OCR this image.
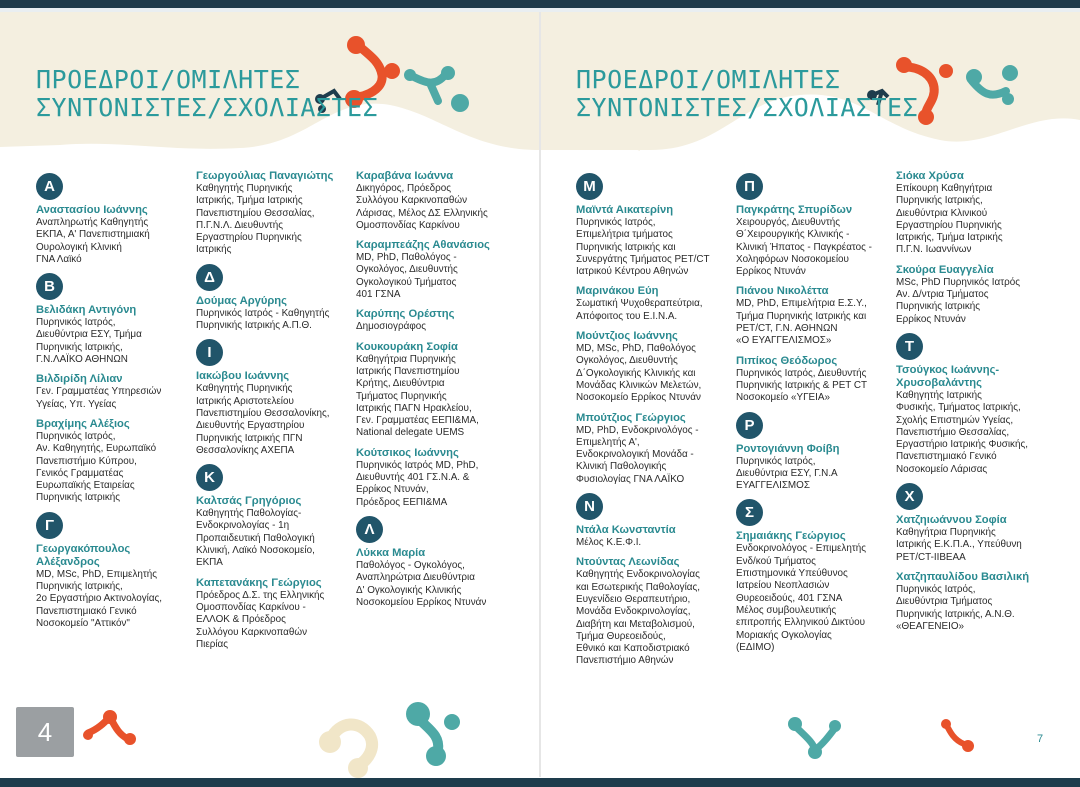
ΠΡΟΕΔΡΟΙ/ΟΜΙΛΗΤΕΣ
ΣΥΝΤΟΝΙΣΤΕΣ/ΣΧΟΛΙΑΣΤΕΣ
Α
Αναστασίου Ιωάννης
Αναπληρωτής Καθηγητής
ΕΚΠΑ, Α' Πανεπιστημιακή
Ουρολογική Κλινική
ΓΝΑ Λαϊκό
Β
Βελιδάκη Αντιγόνη
Πυρηνικός Ιατρός,
Διευθύντρια ΕΣΥ, Τμήμα
Πυρηνικής Ιατρικής,
Γ.Ν.ΛΑΪΚΟ ΑΘΗΝΩΝ
Βιλδιρίδη Λίλιαν
Γεν. Γραμματέας Υπηρεσιών
Υγείας, Υπ. Υγείας
Βραχίμης Αλέξιος
Πυρηνικός Ιατρός,
Αν. Καθηγητής, Ευρωπαϊκό
Πανεπιστήμιο Κύπρου,
Γενικός Γραμματέας
Ευρωπαϊκής Εταιρείας
Πυρηνικής Ιατρικής
Γ
Γεωργακόπουλος Αλέξανδρος
MD, MSc, PhD, Επιμελητής
Πυρηνικής Ιατρικής,
2ο Εργαστήριο Ακτινολογίας,
Πανεπιστημιακό Γενικό
Νοσοκομείο "Αττικόν"
Γεωργούλιας Παναγιώτης
Καθηγητής Πυρηνικής
Ιατρικής, Τμήμα Ιατρικής
Πανεπιστημίου Θεσσαλίας,
Π.Γ.Ν.Λ. Διευθυντής
Εργαστηρίου Πυρηνικής
Ιατρικής
Δ
Δούμας Αργύρης
Πυρηνικός Ιατρός - Καθηγητής
Πυρηνικής Ιατρικής Α.Π.Θ.
Ι
Ιακώβου Ιωάννης
Καθηγητής Πυρηνικής
Ιατρικής Αριστοτελείου
Πανεπιστημίου Θεσσαλονίκης,
Διευθυντής Εργαστηρίου
Πυρηνικής Ιατρικής ΠΓΝ
Θεσσαλονίκης ΑΧΕΠΑ
Κ
Καλτσάς Γρηγόριος
Καθηγητής Παθολογίας-
Ενδοκρινολογίας - 1η
Προπαιδευτική Παθολογική
Κλινική, Λαϊκό Νοσοκομείο,
ΕΚΠΑ
Καπετανάκης Γεώργιος
Πρόεδρος Δ.Σ. της Ελληνικής
Ομοσπονδίας Καρκίνου -
ΕΛΛΟΚ & Πρόεδρος
Συλλόγου Καρκινοπαθών
Πιερίας
Καραβάνα Ιωάννα
Δικηγόρος, Πρόεδρος
Συλλόγου Καρκινοπαθών
Λάρισας, Μέλος ΔΣ Ελληνικής
Ομοσπονδίας Καρκίνου
Καραμπεάζης Αθανάσιος
MD, PhD, Παθολόγος -
Ογκολόγος, Διευθυντής
Ογκολογικού Τμήματος
401 ΓΣΝΑ
Καρύπης Ορέστης
Δημοσιογράφος
Κουκουράκη Σοφία
Καθηγήτρια Πυρηνικής
Ιατρικής Πανεπιστημίου
Κρήτης, Διευθύντρια
Τμήματος Πυρηνικής
Ιατρικής ΠΑΓΝ Ηρακλείου,
Γεν. Γραμματέας ΕΕΠΙ&ΜΑ,
National delegate UEMS
Κούτσικος Ιωάννης
Πυρηνικός Ιατρός MD, PhD,
Διευθυντής 401 ΓΣ.Ν.Α. &
Ερρίκος Ντυνάν,
Πρόεδρος ΕΕΠΙ&ΜΑ
Λ
Λύκκα Μαρία
Παθολόγος - Ογκολόγος,
Αναπληρώτρια Διευθύντρια
Δ' Ογκολογικής Κλινικής
Νοσοκομείου Ερρίκος Ντυνάν
ΠΡΟΕΔΡΟΙ/ΟΜΙΛΗΤΕΣ
ΣΥΝΤΟΝΙΣΤΕΣ/ΣΧΟΛΙΑΣΤΕΣ
Μ
Μαϊντά Αικατερίνη
Πυρηνικός Ιατρός,
Επιμελήτρια τμήματος
Πυρηνικής Ιατρικής και
Συνεργάτης Τμήματος PET/CT
Ιατρικού Κέντρου Αθηνών
Μαρινάκου Εύη
Σωματική Ψυχοθεραπεύτρια,
Απόφοιτος του Ε.Ι.Ν.Α.
Μούντζιος Ιωάννης
MD, MSc, PhD, Παθολόγος
Ογκολόγος, Διευθυντής
Δ΄Ογκολογικής Κλινικής και
Μονάδας Κλινικών Μελετών,
Νοσοκομείο Ερρίκος Ντυνάν
Μπούτζιος Γεώργιος
MD, PhD, Ενδοκρινολόγος -
Επιμελητής Α',
Ενδοκρινολογική Μονάδα -
Κλινική Παθολογικής
Φυσιολογίας ΓΝΑ ΛΑΪΚΟ
Ν
Ντάλα Κωνσταντία
Μέλος Κ.Ε.Φ.Ι.
Ντούντας Λεωνίδας
Καθηγητής Ενδοκρινολογίας
και Εσωτερικής Παθολογίας,
Ευγενίδειο Θεραπευτήριο,
Μονάδα Ενδοκρινολογίας,
Διαβήτη και Μεταβολισμού,
Τμήμα Θυρεοειδούς,
Εθνικό και Καποδιστριακό
Πανεπιστήμιο Αθηνών
Π
Παγκράτης Σπυρίδων
Χειρουργός, Διευθυντής
Θ΄Χειρουργικής Κλινικής -
Κλινική Ήπατος - Παγκρέατος -
Χοληφόρων Νοσοκομείου
Ερρίκος Ντυνάν
Πιάνου Νικολέττα
MD, PhD, Επιμελήτρια Ε.Σ.Υ.,
Τμήμα Πυρηνικής Ιατρικής και
PET/CT, Γ.Ν. ΑΘΗΝΩΝ
«Ο ΕΥΑΓΓΕΛΙΣΜΟΣ»
Πιπίκος Θεόδωρος
Πυρηνικός Ιατρός, Διευθυντής
Πυρηνικής Ιατρικής & PET CT
Νοσοκομείο «ΥΓΕΙΑ»
Ρ
Ροντογιάννη Φοίβη
Πυρηνικός Ιατρός,
Διευθύντρια ΕΣΥ, Γ.Ν.Α
ΕΥΑΓΓΕΛΙΣΜΟΣ
Σ
Σημαιάκης Γεώργιος
Ενδοκρινολόγος - Επιμελητής
Ενδ/κού Τμήματος
Επιστημονικά Υπεύθυνος
Ιατρείου Νεοπλασιών
Θυρεοειδούς, 401 ΓΣΝΑ
Μέλος συμβουλευτικής
επιτροπής Ελληνικού Δικτύου
Μοριακής Ογκολογίας
(ΕΔΙΜΟ)
Σιόκα Χρύσα
Επίκουρη Καθηγήτρια
Πυρηνικής Ιατρικής,
Διευθύντρια Κλινικού
Εργαστηρίου Πυρηνικής
Ιατρικής, Τμήμα Ιατρικής
Π.Γ.Ν. Ιωαννίνων
Σκούρα Ευαγγελία
MSc, PhD Πυρηνικός Ιατρός
Αν. Δ/ντρια Τμήματος
Πυρηνικής Ιατρικής
Ερρίκος Ντυνάν
Τ
Τσούγκος Ιωάννης-Χρυσοβαλάντης
Καθηγητής Ιατρικής
Φυσικής, Τμήματος Ιατρικής,
Σχολής Επιστημών Υγείας,
Πανεπιστήμιο Θεσσαλίας,
Εργαστήριο Ιατρικής Φυσικής,
Πανεπιστημιακό Γενικό
Νοσοκομείο Λάρισας
Χ
Χατζηιωάννου Σοφία
Καθηγήτρια Πυρηνικής
Ιατρικής Ε.Κ.Π.Α., Υπεύθυνη
PET/CT-IIBEAA
Χατζηπαυλίδου Βασιλική
Πυρηνικός Ιατρός,
Διευθύντρια Τμήματος
Πυρηνικής Ιατρικής, Α.Ν.Θ.
«ΘΕΑΓΕΝΕΙΟ»
4	7
